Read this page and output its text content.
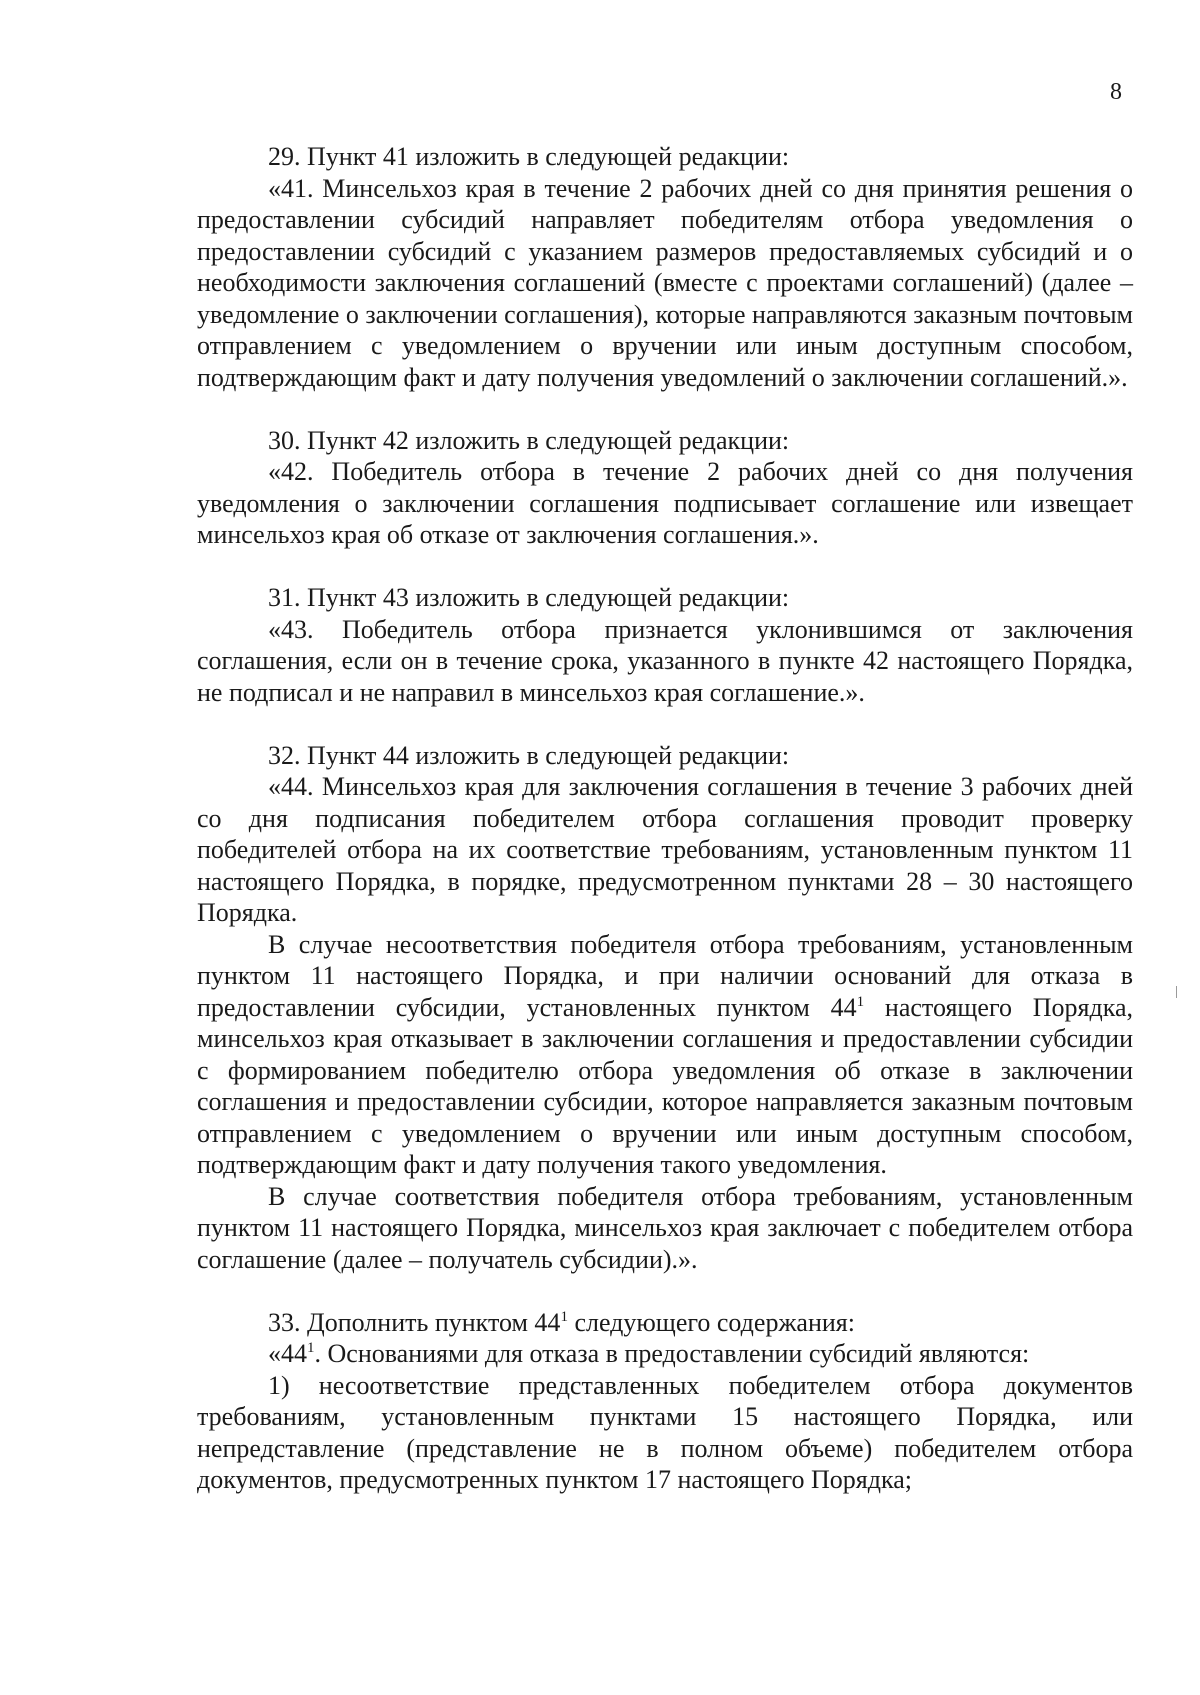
8

29. Пункт 41 изложить в следующей редакции:

«41. Минсельхоз края в течение 2 рабочих дней со дня принятия решения о предоставлении субсидий направляет победителям отбора уведомления о предоставлении субсидий с указанием размеров предоставляемых субсидий и о необходимости заключения соглашений (вместе с проектами соглашений) (далее – уведомление о заключении соглашения), которые направляются заказным почтовым отправлением с уведомлением о вручении или иным доступным способом, подтверждающим факт и дату получения уведомлений о заключении соглашений.».

30. Пункт 42 изложить в следующей редакции:

«42. Победитель отбора в течение 2 рабочих дней со дня получения уведомления о заключении соглашения подписывает соглашение или извещает минсельхоз края об отказе от заключения соглашения.».

31. Пункт 43 изложить в следующей редакции:

«43. Победитель отбора признается уклонившимся от заключения соглашения, если он в течение срока, указанного в пункте 42 настоящего Порядка, не подписал и не направил в минсельхоз края соглашение.».

32. Пункт 44 изложить в следующей редакции:

«44. Минсельхоз края для заключения соглашения в течение 3 рабочих дней со дня подписания победителем отбора соглашения проводит проверку победителей отбора на их соответствие требованиям, установленным пунктом 11 настоящего Порядка, в порядке, предусмотренном пунктами 28 – 30 настоящего Порядка.

В случае несоответствия победителя отбора требованиям, установленным пунктом 11 настоящего Порядка, и при наличии оснований для отказа в предоставлении субсидии, установленных пунктом $44^1$ настоящего Порядка, минсельхоз края отказывает в заключении соглашения и предоставлении субсидии с формированием победителю отбора уведомления об отказе в заключении соглашения и предоставлении субсидии, которое направляется заказным почтовым отправлением с уведомлением о вручении или иным доступным способом, подтверждающим факт и дату получения такого уведомления.

В случае соответствия победителя отбора требованиям, установленным пунктом 11 настоящего Порядка, минсельхоз края заключает с победителем отбора соглашение (далее – получатель субсидии).».

33. Дополнить пунктом $44^1$ следующего содержания:

«$44^1$. Основаниями для отказа в предоставлении субсидий являются:

1) несоответствие представленных победителем отбора документов требованиям, установленным пунктами 15 настоящего Порядка, или непредставление (представление не в полном объеме) победителем отбора документов, предусмотренных пунктом 17 настоящего Порядка;
